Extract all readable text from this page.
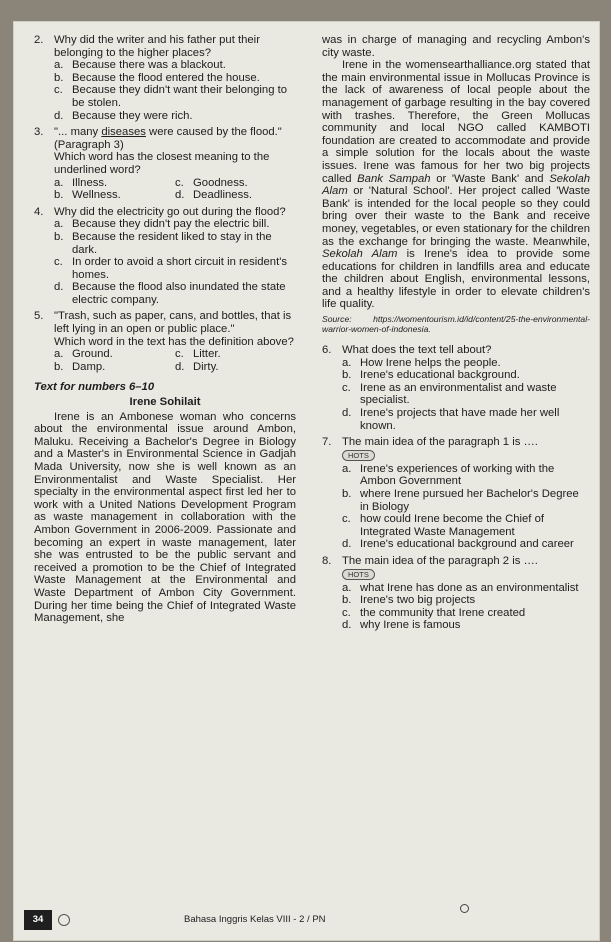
2. Why did the writer and his father put their belonging to the higher places?
a. Because there was a blackout.
b. Because the flood entered the house.
c. Because they didn't want their belonging to be stolen.
d. Because they were rich.
3. "... many diseases were caused by the flood." (Paragraph 3)
Which word has the closest meaning to the underlined word?
a. Illness.	c. Goodness.
b. Wellness.	d. Deadliness.
4. Why did the electricity go out during the flood?
a. Because they didn't pay the electric bill.
b. Because the resident liked to stay in the dark.
c. In order to avoid a short circuit in resident's homes.
d. Because the flood also inundated the state electric company.
5. "Trash, such as paper, cans, and bottles, that is left lying in an open or public place."
Which word in the text has the definition above?
a. Ground.	c. Litter.
b. Damp.	d. Dirty.
Text for numbers 6–10
Irene Sohilait

Irene is an Ambonese woman who concerns about the environmental issue around Ambon, Maluku. Receiving a Bachelor's Degree in Biology and a Master's in Environmental Science in Gadjah Mada University, now she is well known as an Environmentalist and Waste Specialist. Her specialty in the environmental aspect first led her to work with a United Nations Development Program as waste management in collaboration with the Ambon Government in 2006-2009. Passionate and becoming an expert in waste management, later she was entrusted to be the public servant and received a promotion to be the Chief of Integrated Waste Management at the Environmental and Waste Department of Ambon City Government. During her time being the Chief of Integrated Waste Management, she

was in charge of managing and recycling Ambon's city waste.

Irene in the womensearthalliance.org stated that the main environmental issue in Mollucas Province is the lack of awareness of local people about the management of garbage resulting in the bay covered with trashes. Therefore, the Green Mollucas community and local NGO called KAMBOTI foundation are created to accommodate and provide a simple solution for the locals about the waste issues. Irene was famous for her two big projects called Bank Sampah or 'Waste Bank' and Sekolah Alam or 'Natural School'. Her project called 'Waste Bank' is intended for the local people so they could bring over their waste to the Bank and receive money, vegetables, or even stationary for the children as the exchange for bringing the waste. Meanwhile, Sekolah Alam is Irene's idea to provide some educations for children in landfills area and educate the children about English, environmental lessons, and a healthy lifestyle in order to elevate children's life quality.

Source: https://womentourism.id/id/content/25-the-environmental-warrior-women-of-indonesia.
6. What does the text tell about?
a. How Irene helps the people.
b. Irene's educational background.
c. Irene as an environmentalist and waste specialist.
d. Irene's projects that have made her well known.
7. The main idea of the paragraph 1 is ….
HOTS
a. Irene's experiences of working with the Ambon Government
b. where Irene pursued her Bachelor's Degree in Biology
c. how could Irene become the Chief of Integrated Waste Management
d. Irene's educational background and career
8. The main idea of the paragraph 2 is ….
HOTS
a. what Irene has done as an environmentalist
b. Irene's two big projects
c. the community that Irene created
d. why Irene is famous
34	Bahasa Inggris Kelas VIII - 2 / PN
